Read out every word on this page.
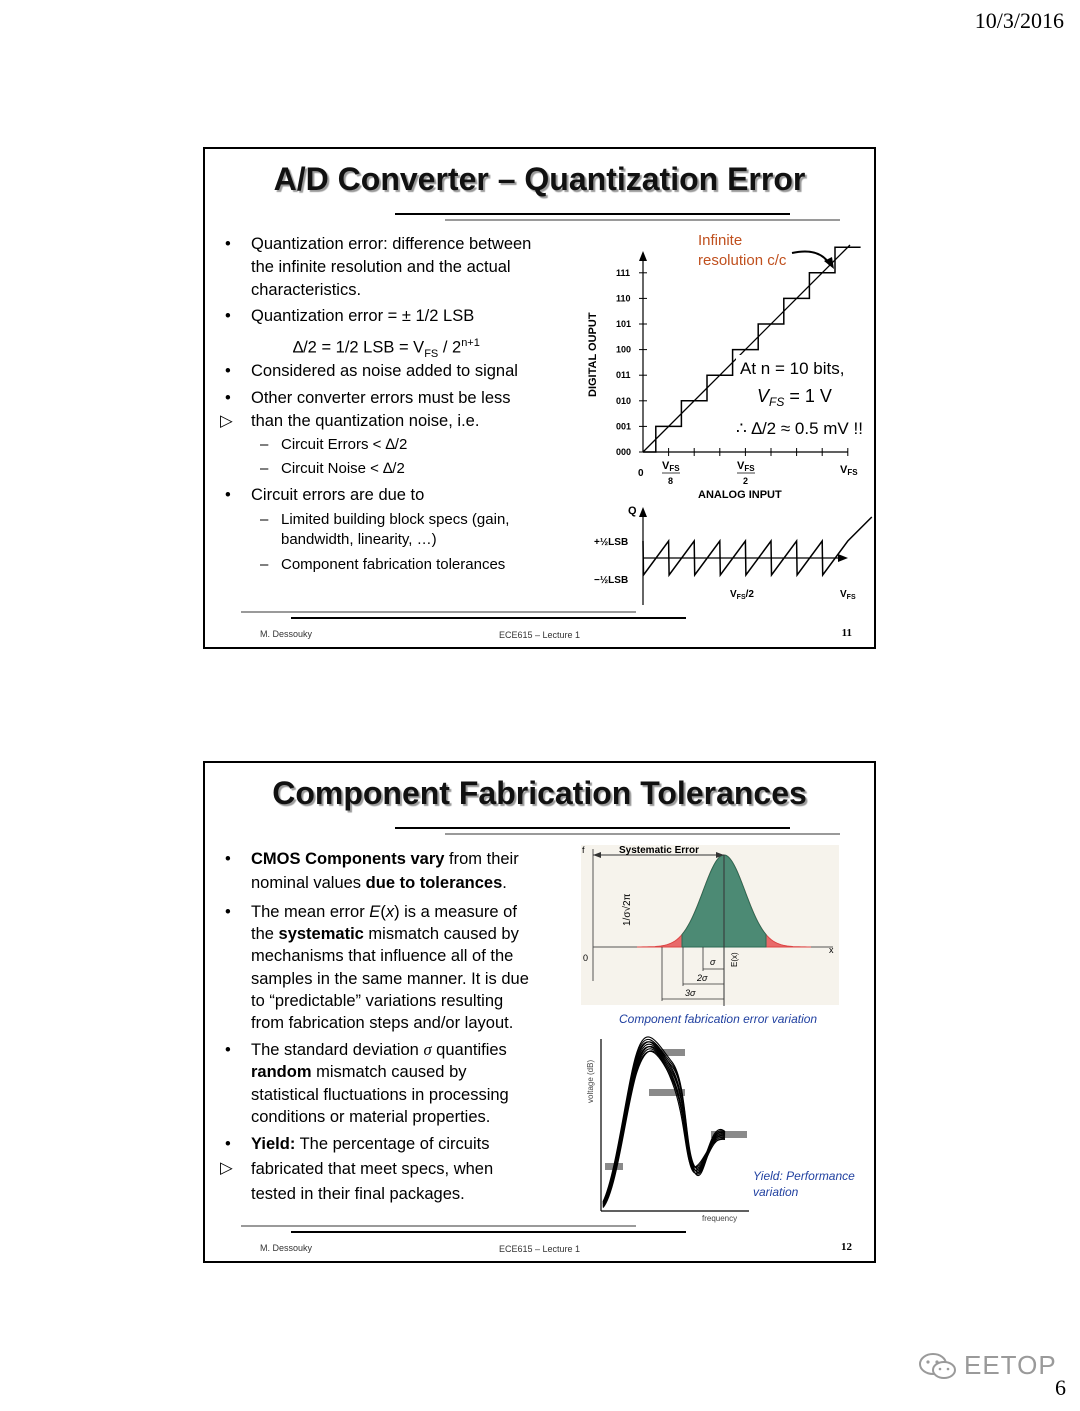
10/3/2016
A/D Converter – Quantization Error
• Quantization error: difference between
the infinite resolution and the actual
characteristics.
• Quantization error = ± 1/2 LSB
∆/2 = 1/2 LSB = $V_{FS} / 2^{n+1}$
• Considered as noise added to signal
• Other converter errors must be less
▷ than the quantization noise, i.e.
– Circuit Errors < ∆/2
– Circuit Noise < ∆/2
• Circuit errors are due to
– Limited building block specs (gain,
bandwidth, linearity, …)
– Component fabrication tolerances
Infinite
resolution c/c
DIGITAL OUPUT
000
001
010
011
100
101
110
111
0
VFS
8
VFS
2
VFS
ANALOG INPUT
At n = 10 bits,
$V_{FS} = 1$ V
∴ ∆/2 ≈ 0.5 mV !!
Q
+½LSB
−½LSB
$V_{FS}/2$	$V_{FS}$
M. Dessouky	ECE615 – Lecture 1	11
Component Fabrication Tolerances
• CMOS Components vary from their
nominal values due to tolerances.
• The mean error E(x) is a measure of
the systematic mismatch caused by
mechanisms that influence all of the
samples in the same manner. It is due
to “predictable” variations resulting
from fabrication steps and/or layout.
• The standard deviation σ quantifies
random mismatch caused by
statistical fluctuations in processing
conditions or material properties.
• Yield: The percentage of circuits
▷ fabricated that meet specs, when
tested in their final packages.
f
x
0
1/σ√2π
Systematic Error
σ
2σ
3σ
E(x)
Component fabrication error variation
voltage (dB)
frequency
Yield: Performance
variation
M. Dessouky	ECE615 – Lecture 1	12
EETOP
6
